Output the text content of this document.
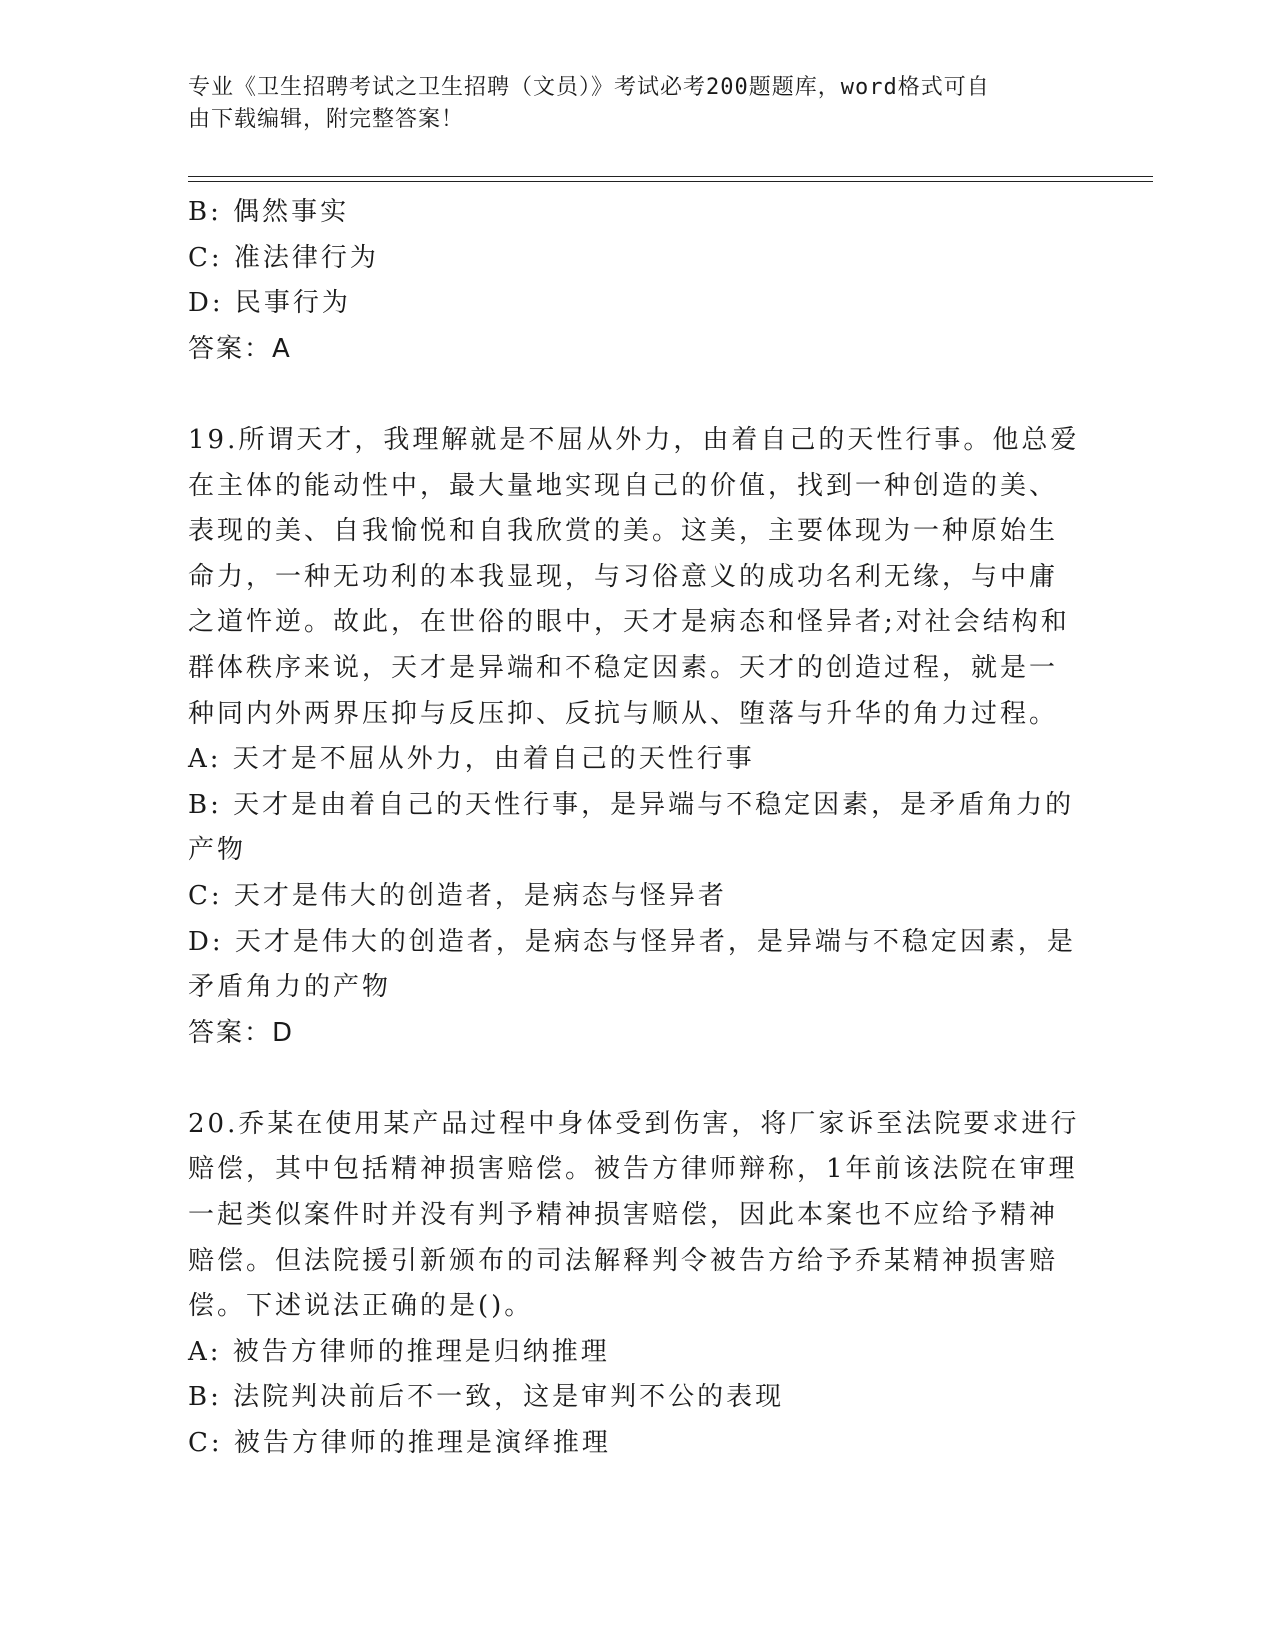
专业《卫生招聘考试之卫生招聘（文员）》考试必考200题题库，word格式可自
由下载编辑，附完整答案！
B: 偶然事实
C: 准法律行为
D: 民事行为
答案：A
19.所谓天才，我理解就是不屈从外力，由着自己的天性行事。他总爱
在主体的能动性中，最大量地实现自己的价值，找到一种创造的美、
表现的美、自我愉悦和自我欣赏的美。这美，主要体现为一种原始生
命力，一种无功利的本我显现，与习俗意义的成功名利无缘，与中庸
之道忤逆。故此，在世俗的眼中，天才是病态和怪异者;对社会结构和
群体秩序来说，天才是异端和不稳定因素。天才的创造过程，就是一
种同内外两界压抑与反压抑、反抗与顺从、堕落与升华的角力过程。
A: 天才是不屈从外力，由着自己的天性行事
B: 天才是由着自己的天性行事，是异端与不稳定因素，是矛盾角力的
产物
C: 天才是伟大的创造者，是病态与怪异者
D: 天才是伟大的创造者，是病态与怪异者，是异端与不稳定因素，是
矛盾角力的产物
答案：D
20.乔某在使用某产品过程中身体受到伤害，将厂家诉至法院要求进行
赔偿，其中包括精神损害赔偿。被告方律师辩称，1年前该法院在审理
一起类似案件时并没有判予精神损害赔偿，因此本案也不应给予精神
赔偿。但法院援引新颁布的司法解释判令被告方给予乔某精神损害赔
偿。下述说法正确的是()。
A: 被告方律师的推理是归纳推理
B: 法院判决前后不一致，这是审判不公的表现
C: 被告方律师的推理是演绎推理
